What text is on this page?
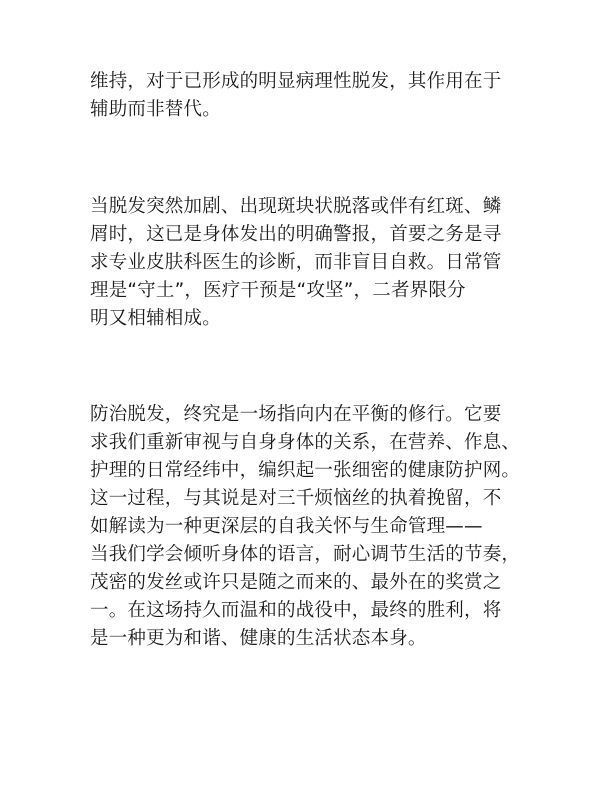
维持，对于已形成的明显病理性脱发，其作用在于
辅助而非替代。

当脱发突然加剧、出现斑块状脱落或伴有红斑、鳞
屑时，这已是身体发出的明确警报，首要之务是寻
求专业皮肤科医生的诊断，而非盲目自救。日常管
理是“守土”，医疗干预是“攻坚”，二者界限分
明又相辅相成。

防治脱发，终究是一场指向内在平衡的修行。它要
求我们重新审视与自身身体的关系，在营养、作息、
护理的日常经纬中，编织起一张细密的健康防护网。
这一过程，与其说是对三千烦恼丝的执着挽留，不
如解读为一种更深层的自我关怀与生命管理——
当我们学会倾听身体的语言，耐心调节生活的节奏，
茂密的发丝或许只是随之而来的、最外在的奖赏之
一。在这场持久而温和的战役中，最终的胜利，将
是一种更为和谐、健康的生活状态本身。
